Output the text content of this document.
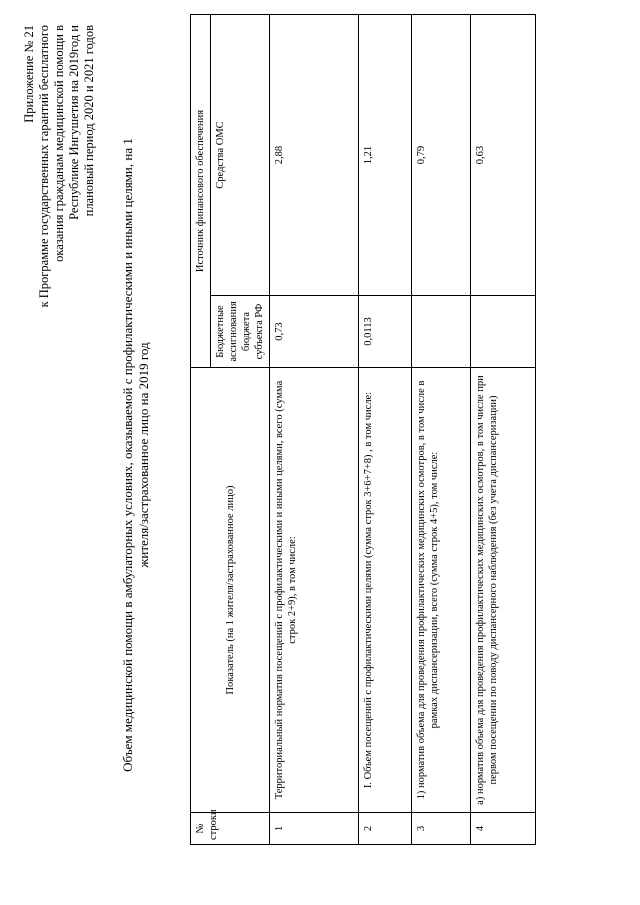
Приложение № 21 к Программе государственных гарантий бесплатного оказания гражданам медицинской помощи в Республике Ингушетия на 2019год и плановый период 2020 и 2021 годов
Объем медицинской помощи в амбулаторных условиях, оказываемой с профилактическими и иными целями, на 1 жителя/застрахованное лицо на 2019 год
№ строки	Показатель (на 1 жителя/застрахованное лицо)	Источник финансового обеспечения	
		Бюджетные ассигнования бюджета субъекта РФ	Средства ОМС
1	Территориальный норматив посещений с профилактическими и иными целями, всего (сумма строк 2+9), в том числе:	0,73	2,88
2	I. Объем посещений с профилактическими целями (сумма строк 3+6+7+8) , в том числе:	0,0113	1,21
3	1) норматив объема для проведения профилактических медицинских осмотров, в том числе в рамках диспансеризации, всего (сумма строк 4+5), том числе:		0,79
4	а) норматив объема для проведения профилактических медицинских осмотров, в том числе при первом посещении по поводу диспансерного наблюдения (без учета диспансеризации)		0,63
